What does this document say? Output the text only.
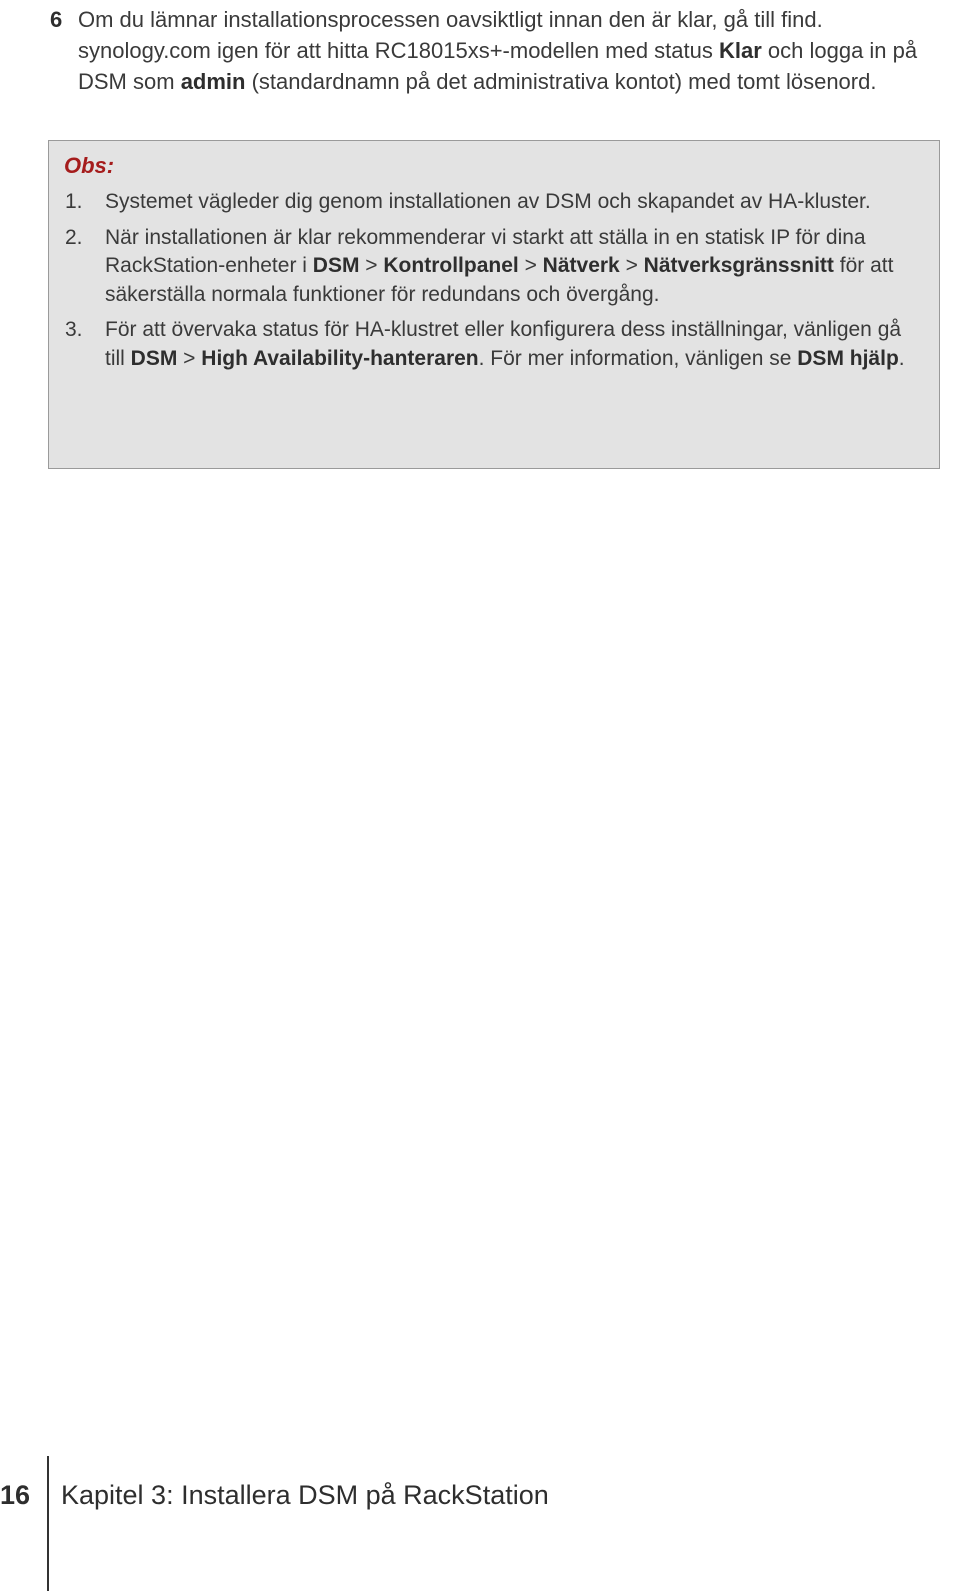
6 Om du lämnar installationsprocessen oavsiktligt innan den är klar, gå till find. synology.com igen för att hitta RC18015xs+-modellen med status Klar och logga in på DSM som admin (standardnamn på det administrativa kontot) med tomt lösenord.
Obs:
1. Systemet vägleder dig genom installationen av DSM och skapandet av HA-kluster.
2. När installationen är klar rekommenderar vi starkt att ställa in en statisk IP för dina RackStation-enheter i DSM > Kontrollpanel > Nätverk > Nätverksgränssnitt för att säkerställa normala funktioner för redundans och övergång.
3. För att övervaka status för HA-klustret eller konfigurera dess inställningar, vänligen gå till DSM > High Availability-hanteraren. För mer information, vänligen se DSM hjälp.
16 Kapitel 3: Installera DSM på RackStation
